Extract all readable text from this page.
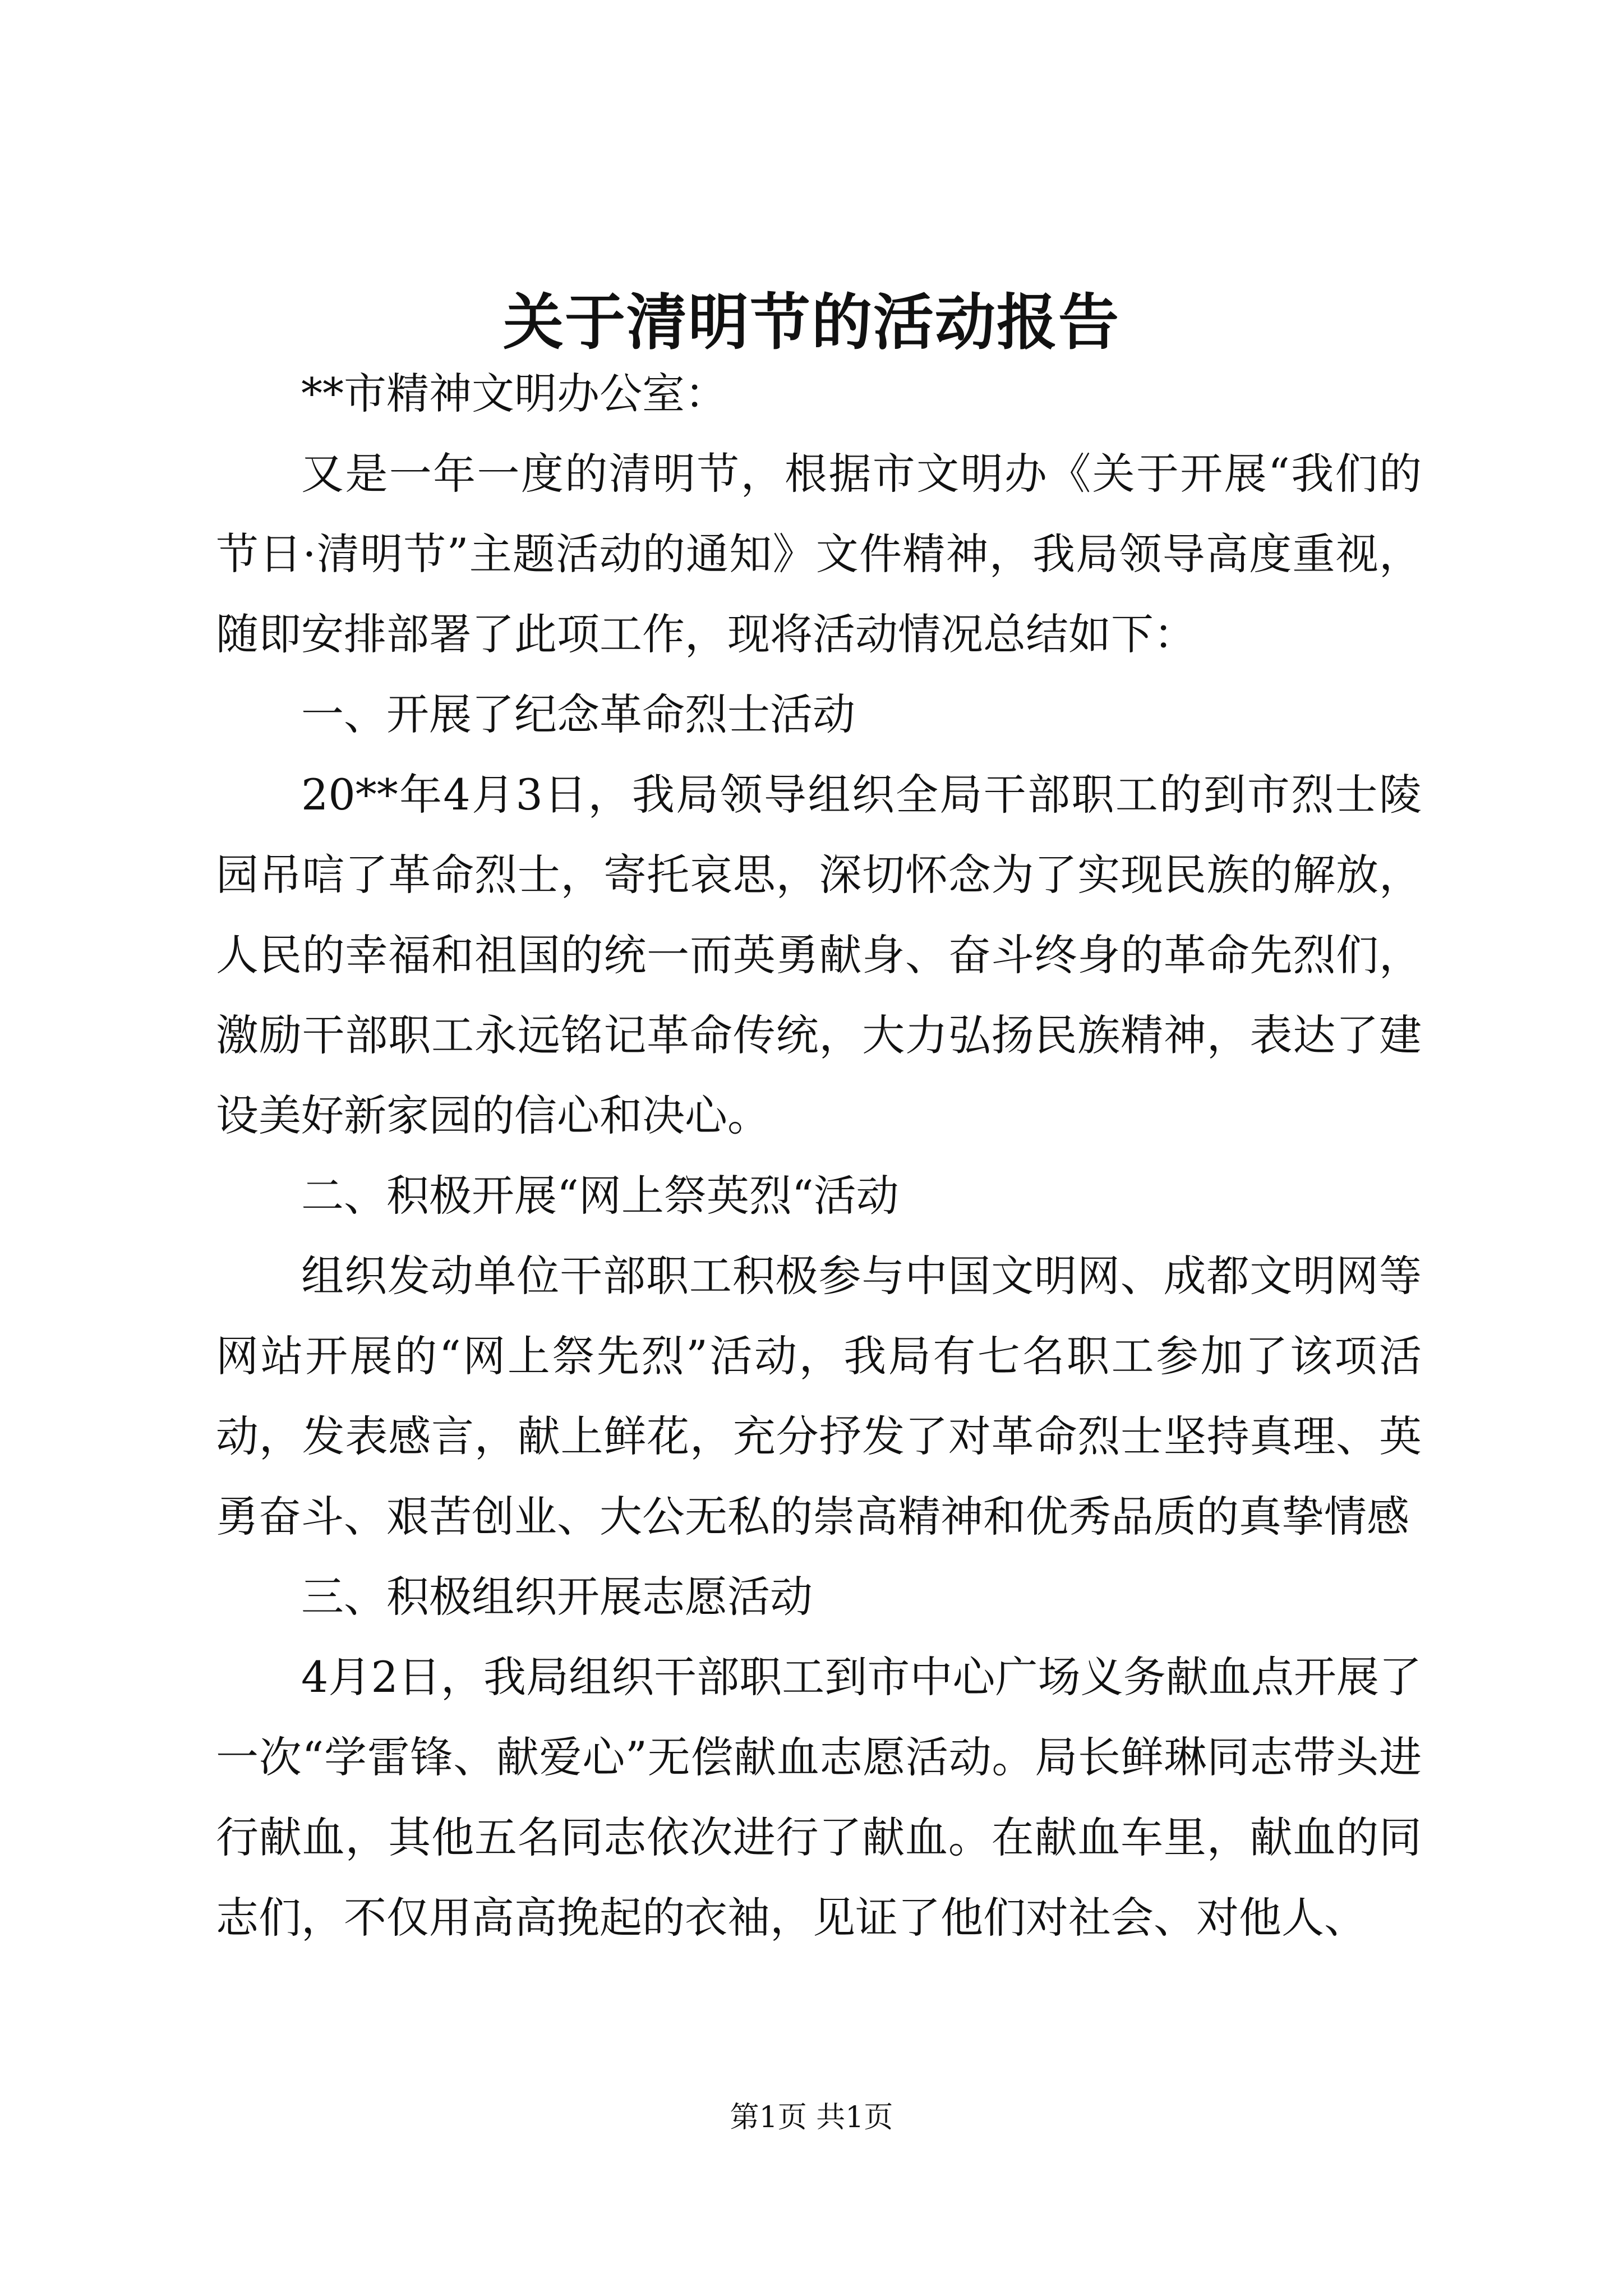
关于清明节的活动报告

**市精神文明办公室：

又是一年一度的清明节，根据市文明办《关于开展“我们的节日·清明节”主题活动的通知》文件精神，我局领导高度重视，随即安排部署了此项工作，现将活动情况总结如下：

一、开展了纪念革命烈士活动

20**年4月3日，我局领导组织全局干部职工的到市烈士陵园吊唁了革命烈士，寄托哀思，深切怀念为了实现民族的解放，人民的幸福和祖国的统一而英勇献身、奋斗终身的革命先烈们，激励干部职工永远铭记革命传统，大力弘扬民族精神，表达了建设美好新家园的信心和决心。

二、积极开展“网上祭英烈“活动

组织发动单位干部职工积极参与中国文明网、成都文明网等网站开展的“网上祭先烈”活动，我局有七名职工参加了该项活动，发表感言，献上鲜花，充分抒发了对革命烈士坚持真理、英勇奋斗、艰苦创业、大公无私的崇高精神和优秀品质的真挚情感

三、积极组织开展志愿活动

4月2日，我局组织干部职工到市中心广场义务献血点开展了一次“学雷锋、献爱心”无偿献血志愿活动。局长鲜琳同志带头进行献血，其他五名同志依次进行了献血。在献血车里，献血的同志们，不仅用高高挽起的衣袖，见证了他们对社会、对他人、

第1页 共1页
